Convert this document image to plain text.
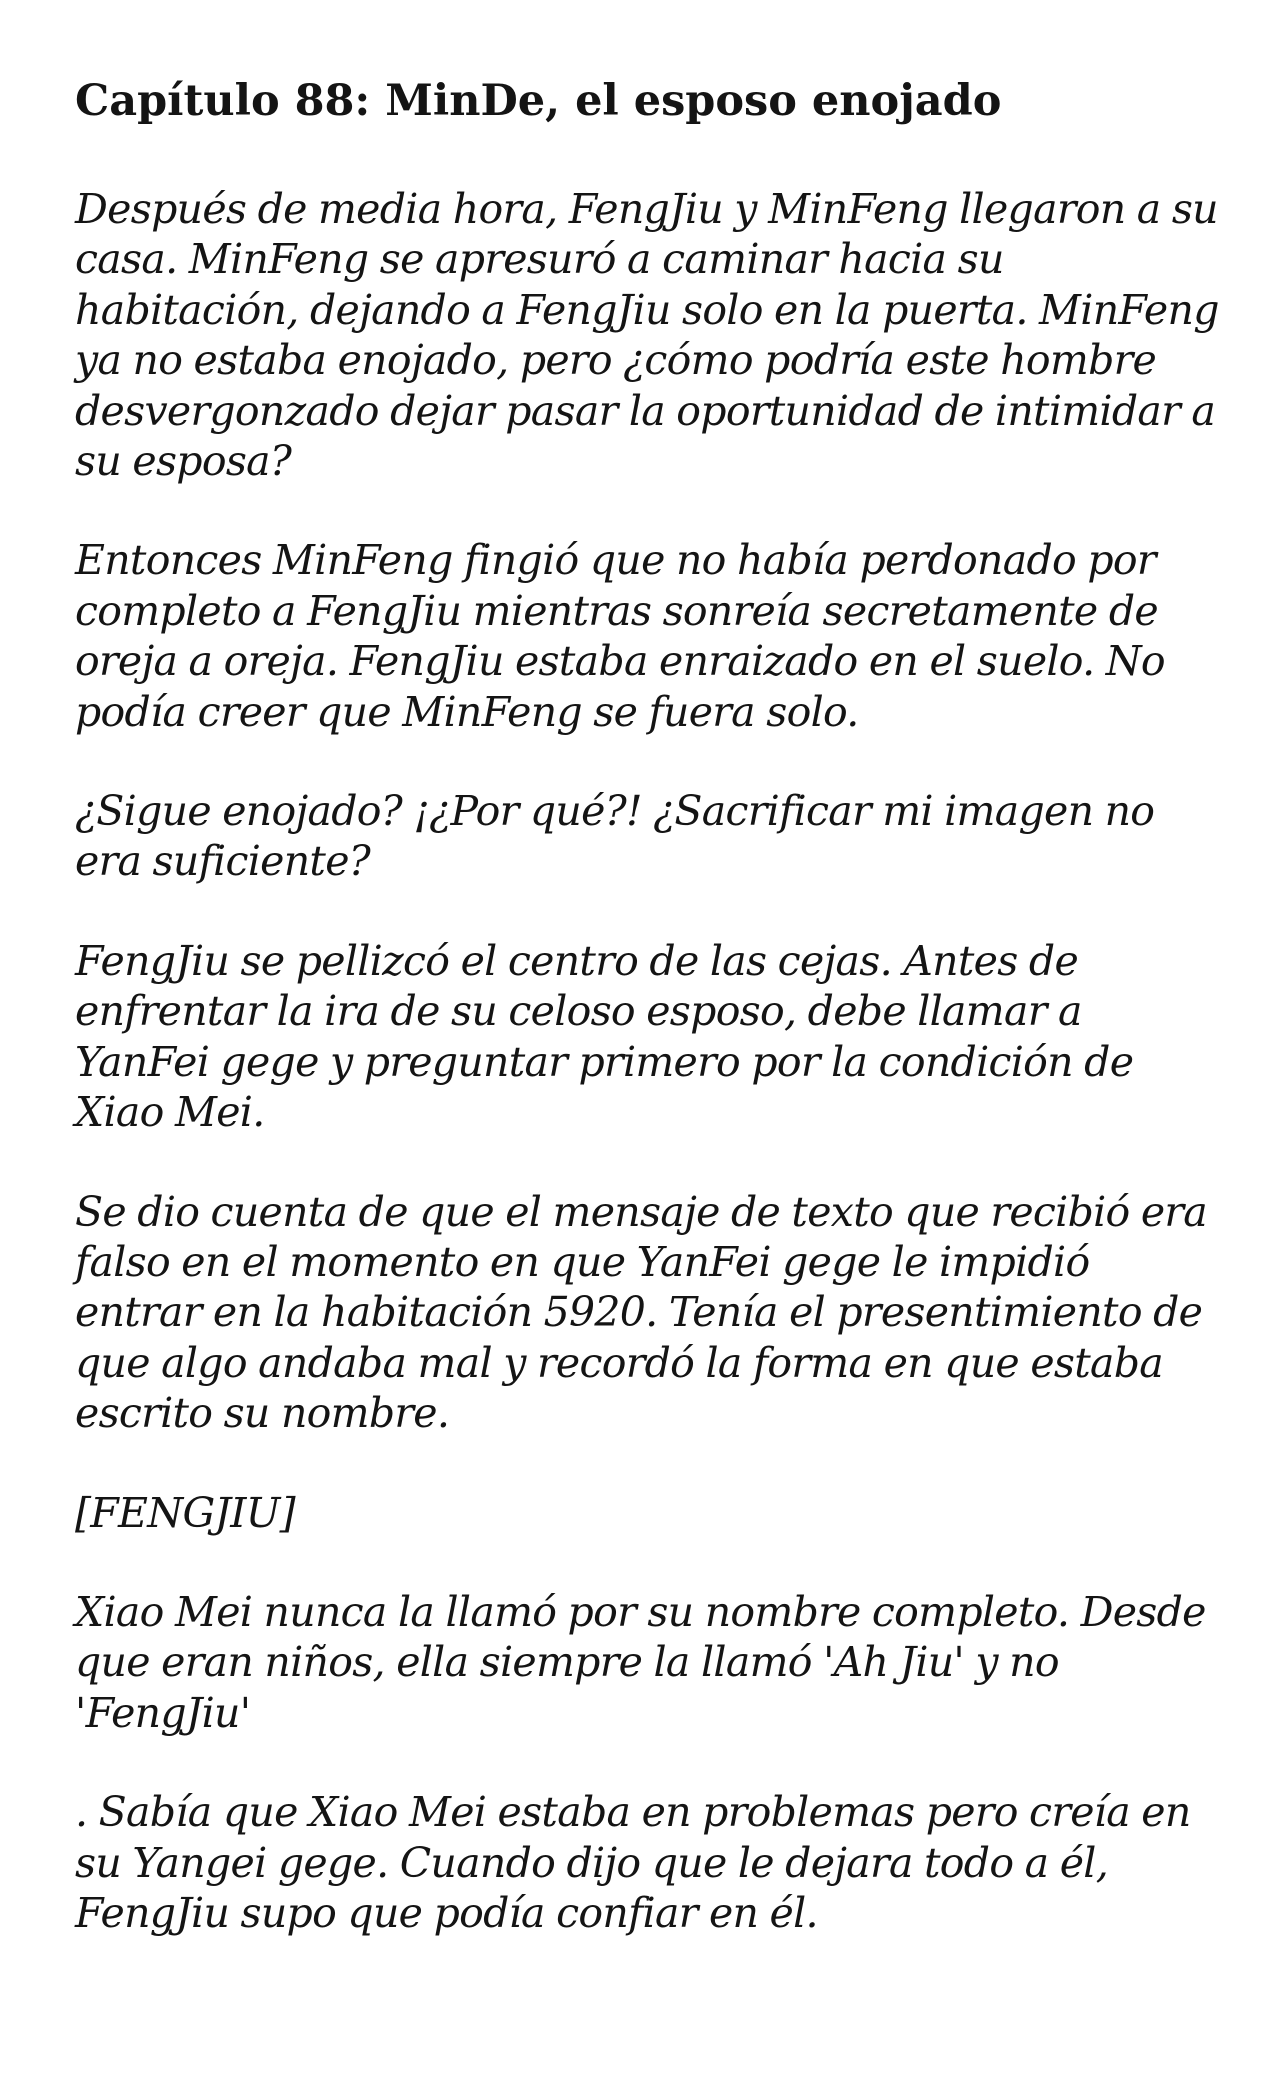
Capítulo 88: MinDe, el esposo enojado

Después de media hora, FengJiu y MinFeng llegaron a su casa. MinFeng se apresuró a caminar hacia su habitación, dejando a FengJiu solo en la puerta. MinFeng ya no estaba enojado, pero ¿cómo podría este hombre desvergonzado dejar pasar la oportunidad de intimidar a su esposa?

Entonces MinFeng fingió que no había perdonado por completo a FengJiu mientras sonreía secretamente de oreja a oreja. FengJiu estaba enraizado en el suelo. No podía creer que MinFeng se fuera solo.

¿Sigue enojado? ¡¿Por qué?! ¿Sacrificar mi imagen no era suficiente?

FengJiu se pellizcó el centro de las cejas. Antes de enfrentar la ira de su celoso esposo, debe llamar a YanFei gege y preguntar primero por la condición de Xiao Mei.

Se dio cuenta de que el mensaje de texto que recibió era falso en el momento en que YanFei gege le impidió entrar en la habitación 5920. Tenía el presentimiento de que algo andaba mal y recordó la forma en que estaba escrito su nombre.

[FENGJIU]

Xiao Mei nunca la llamó por su nombre completo. Desde que eran niños, ella siempre la llamó 'Ah Jiu' y no 'FengJiu'

. Sabía que Xiao Mei estaba en problemas pero creía en su Yangei gege. Cuando dijo que le dejara todo a él, FengJiu supo que podía confiar en él.
